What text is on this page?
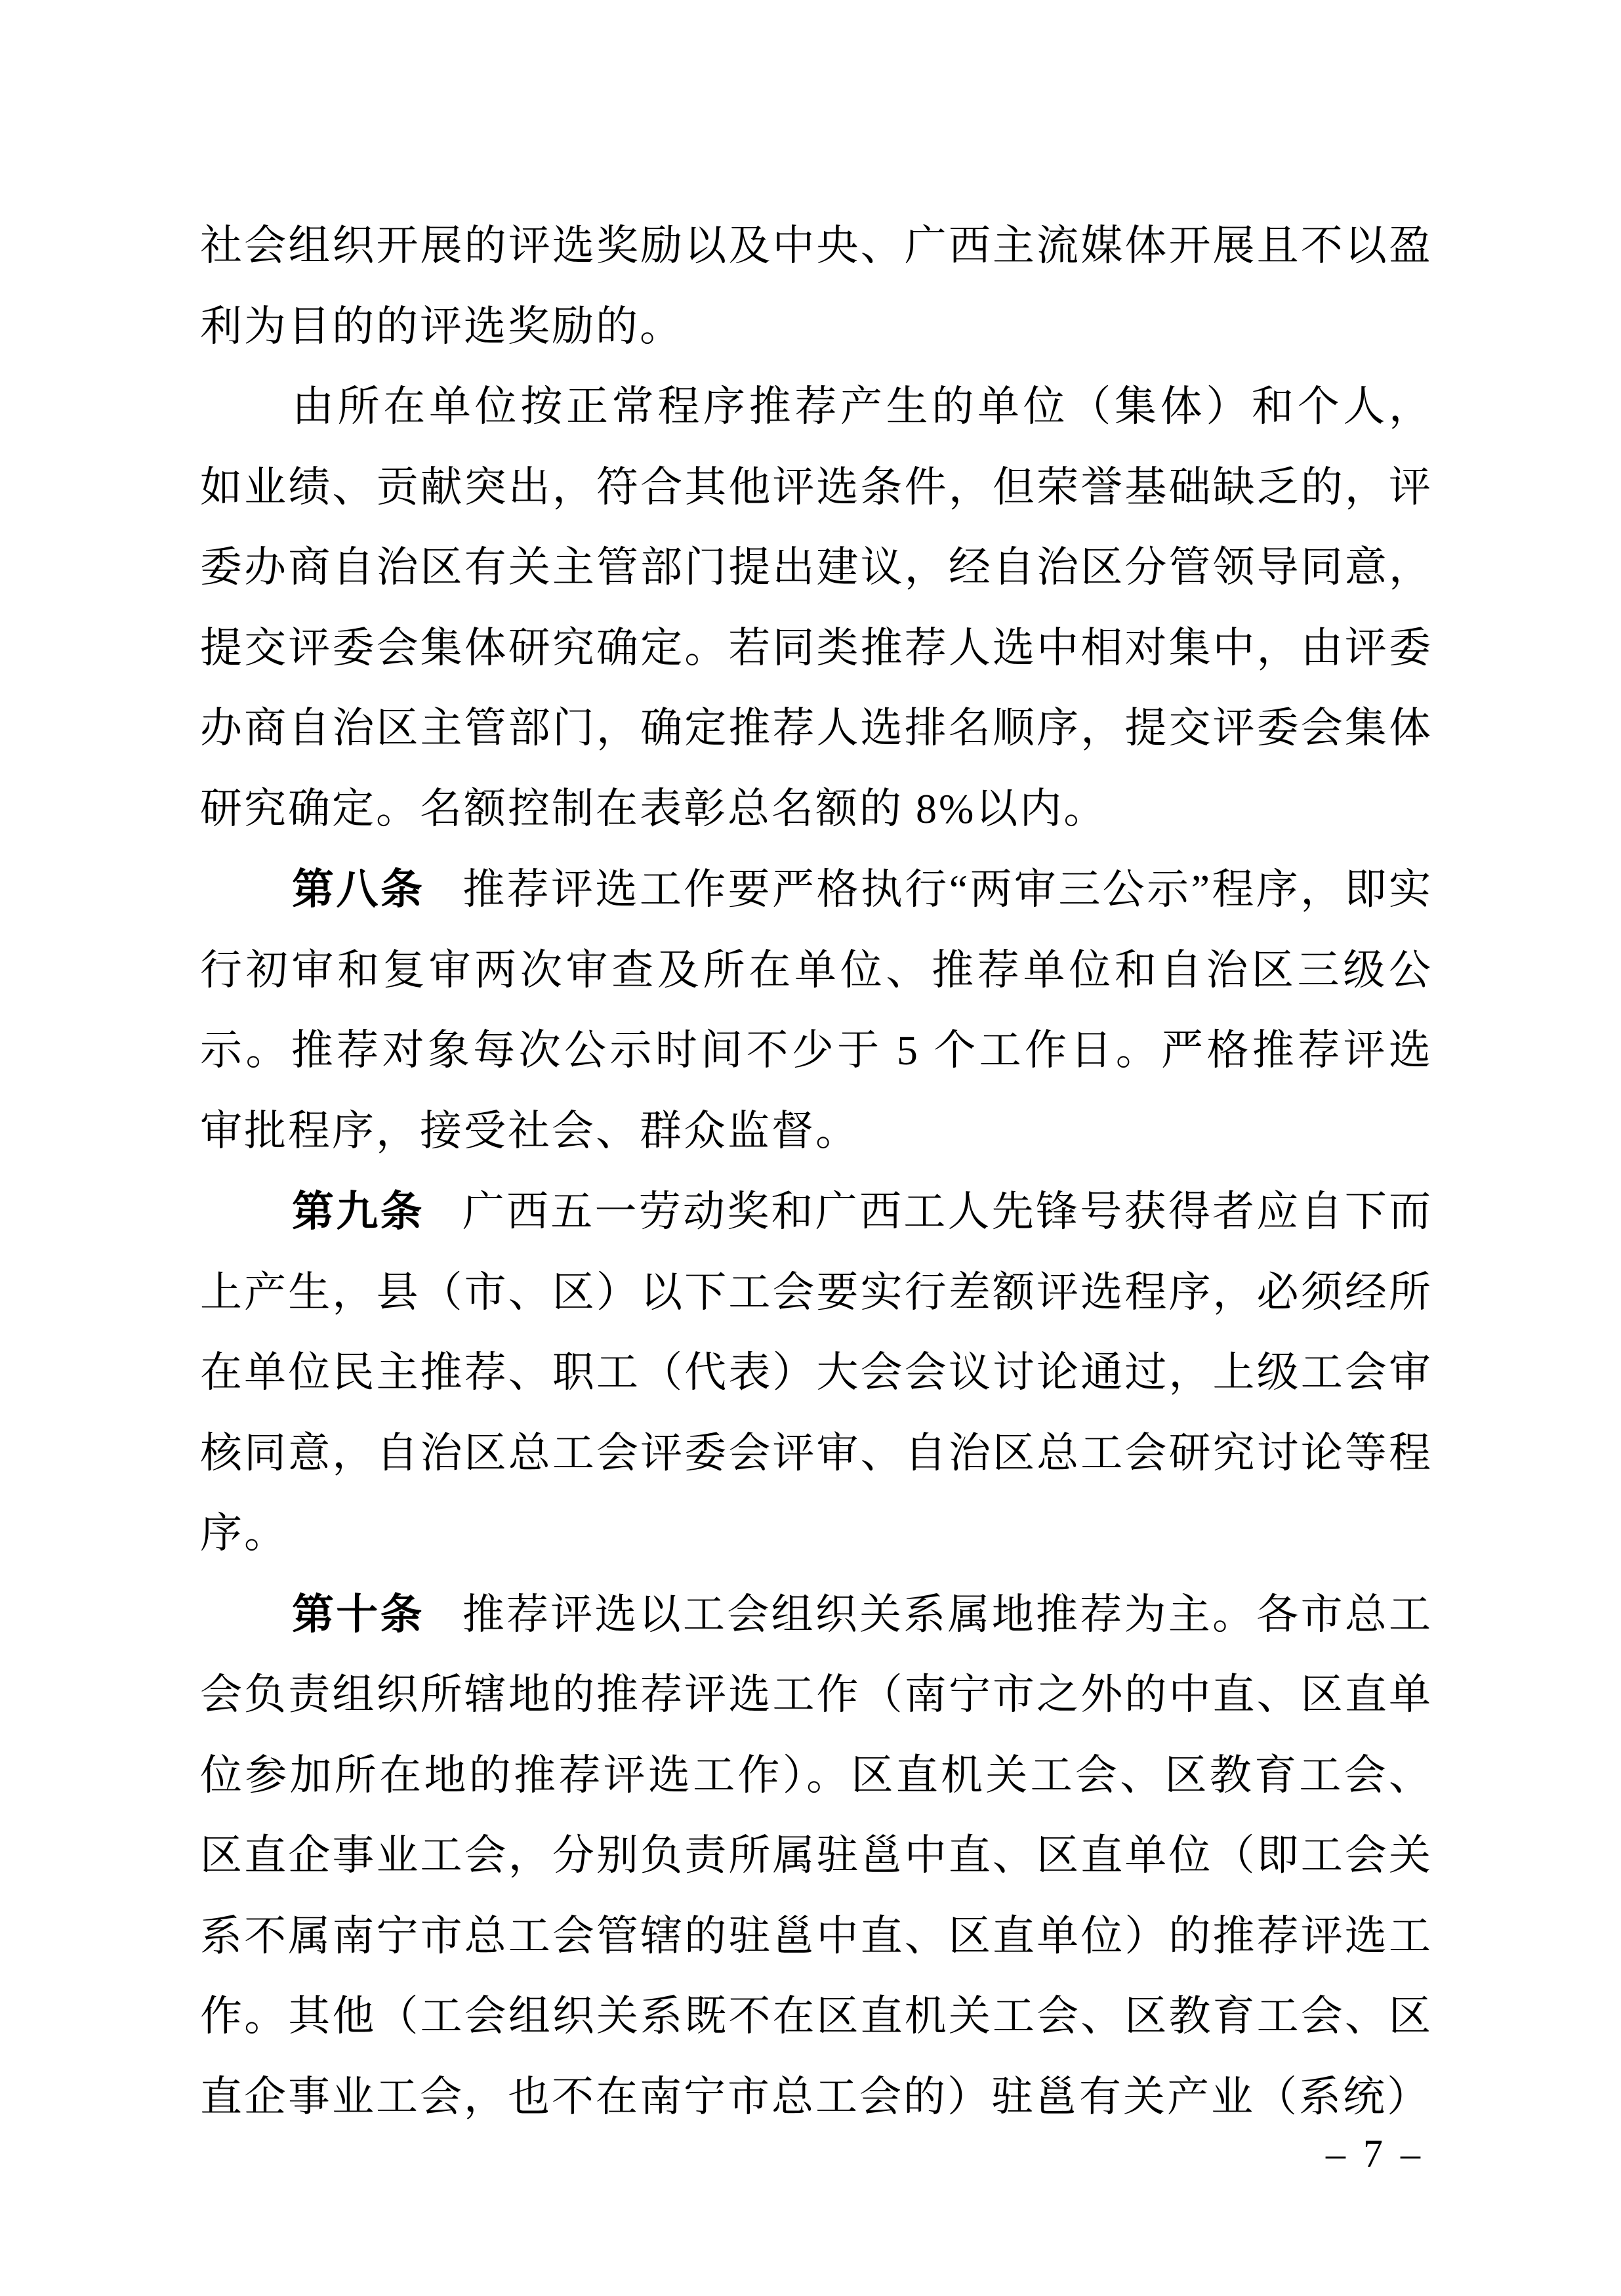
社会组织开展的评选奖励以及中央、广西主流媒体开展且不以盈利为目的的评选奖励的。

由所在单位按正常程序推荐产生的单位（集体）和个人，如业绩、贡献突出，符合其他评选条件，但荣誉基础缺乏的，评委办商自治区有关主管部门提出建议，经自治区分管领导同意，提交评委会集体研究确定。若同类推荐人选中相对集中，由评委办商自治区主管部门，确定推荐人选排名顺序，提交评委会集体研究确定。名额控制在表彰总名额的 8%以内。

第八条 推荐评选工作要严格执行“两审三公示”程序，即实行初审和复审两次审查及所在单位、推荐单位和自治区三级公示。推荐对象每次公示时间不少于 5 个工作日。严格推荐评选审批程序，接受社会、群众监督。

第九条 广西五一劳动奖和广西工人先锋号获得者应自下而上产生，县（市、区）以下工会要实行差额评选程序，必须经所在单位民主推荐、职工（代表）大会会议讨论通过，上级工会审核同意，自治区总工会评委会评审、自治区总工会研究讨论等程序。

第十条 推荐评选以工会组织关系属地推荐为主。各市总工会负责组织所辖地的推荐评选工作（南宁市之外的中直、区直单位参加所在地的推荐评选工作）。区直机关工会、区教育工会、区直企事业工会，分别负责所属驻邕中直、区直单位（即工会关系不属南宁市总工会管辖的驻邕中直、区直单位）的推荐评选工作。其他（工会组织关系既不在区直机关工会、区教育工会、区直企事业工会，也不在南宁市总工会的）驻邕有关产业（系统）

– 7 –
